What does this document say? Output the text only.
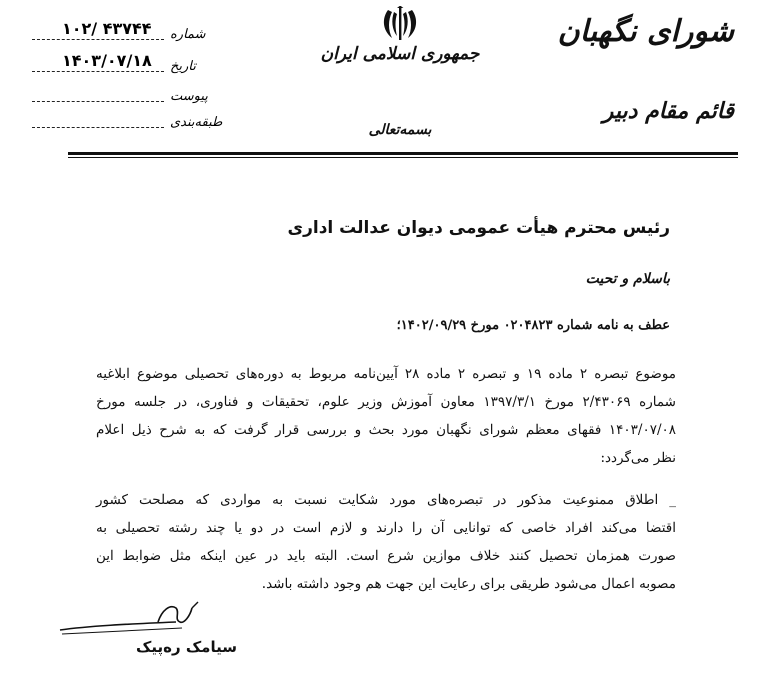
۱۰۲/ ۴۳۷۴۴ شماره
۱۴۰۳/۰۷/۱۸ تاریخ
پیوست
طبقه‌بندی
جمهوری اسلامی ایران
بسمه‌تعالی
شورای نگهبان
قائم مقام دبیر
رئیس محترم هیأت عمومی دیوان عدالت اداری
باسلام و تحیت
عطف به نامه شماره ۰۲۰۴۸۲۳ مورخ ۱۴۰۲/۰۹/۲۹؛
موضوع تبصره ۲ ماده ۱۹ و تبصره ۲ ماده ۲۸ آیین‌نامه مربوط به دوره‌های تحصیلی موضوع ابلاغیه
شماره ۲/۴۳۰۶۹ مورخ ۱۳۹۷/۳/۱ معاون آموزش وزیر علوم، تحقیقات و فناوری، در جلسه مورخ
۱۴۰۳/۰۷/۰۸ فقهای معظم شورای نگهبان مورد بحث و بررسی قرار گرفت که به شرح ذیل اعلام
نظر می‌گردد:
_ اطلاق ممنوعیت مذکور در تبصره‌های مورد شکایت نسبت به مواردی که مصلحت کشور
اقتضا می‌کند افراد خاصی که توانایی آن را دارند و لازم است در دو یا چند رشته تحصیلی به
صورت همزمان تحصیل کنند خلاف موازین شرع است. البته باید در عین اینکه مثل ضوابط این
مصوبه اعمال می‌شود طریقی برای رعایت این جهت هم وجود داشته باشد.
سیامک ره‌پیک
